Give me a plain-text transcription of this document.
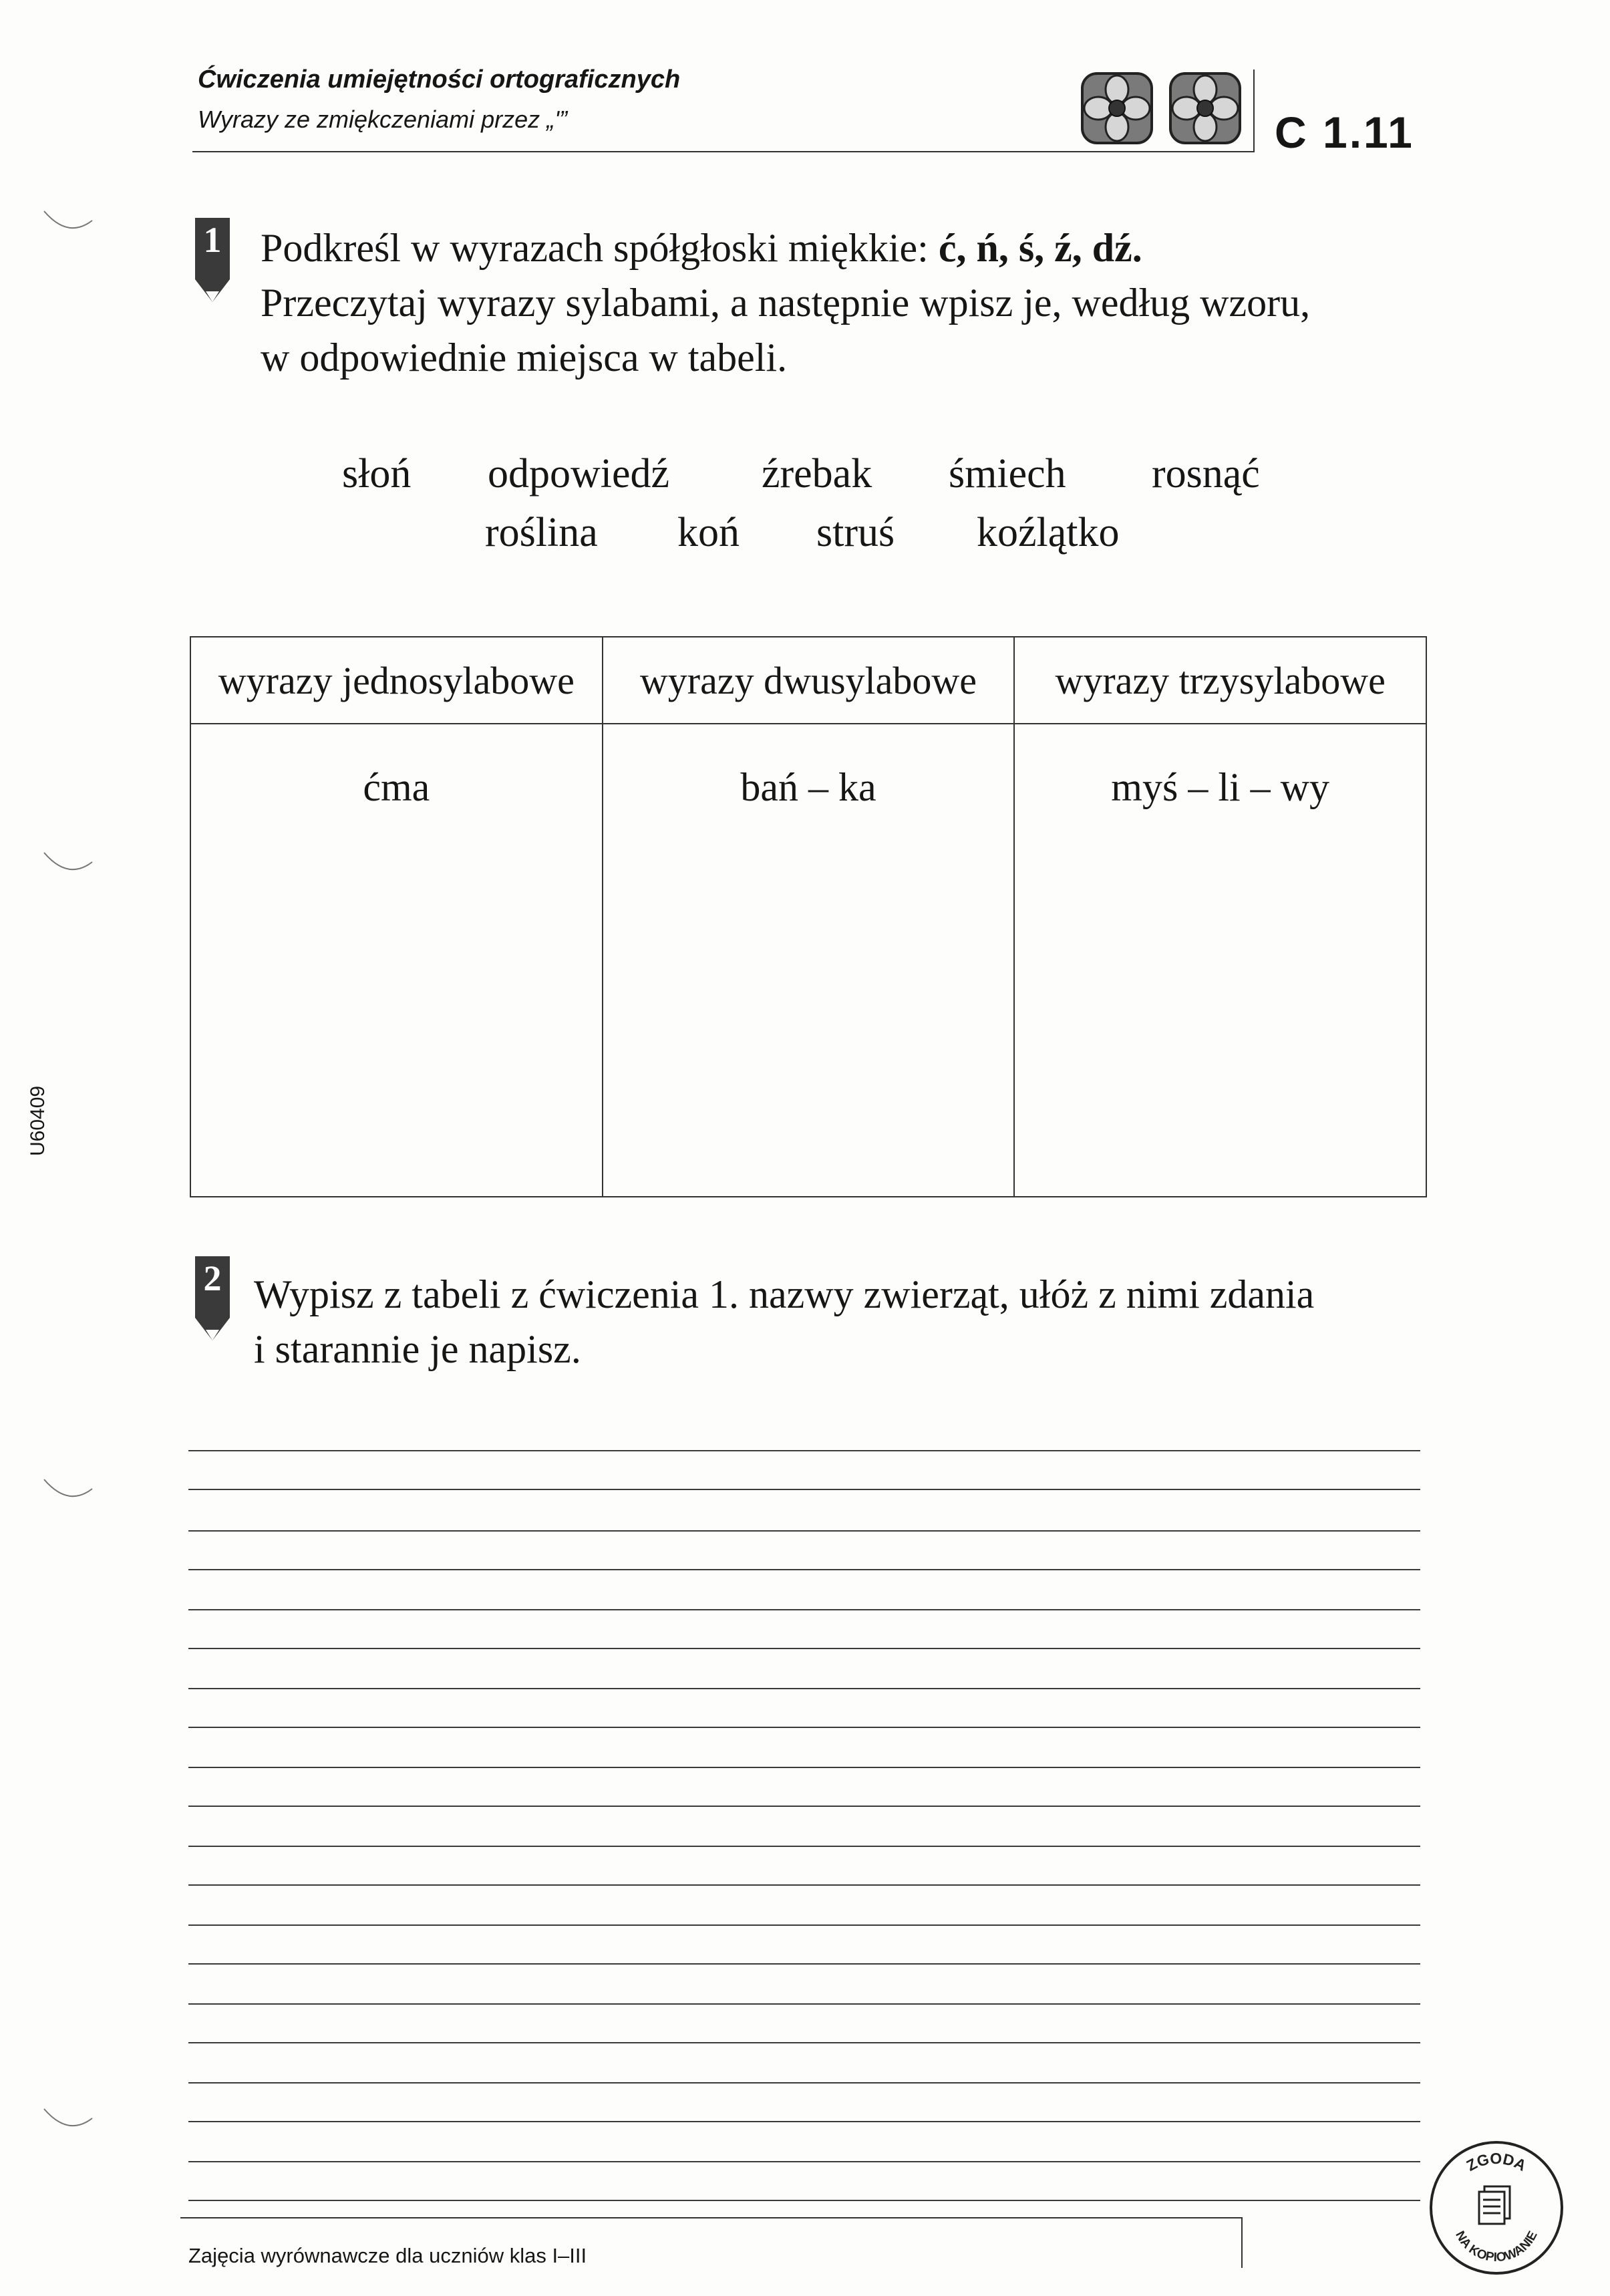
Ćwiczenia umiejętności ortograficznych
Wyrazy ze zmiękczeniami przez „ʹ”	C 1.11
1 Podkreśl w wyrazach spółgłoski miękkie: ć, ń, ś, ź, dź.
Przeczytaj wyrazy sylabami, a następnie wpisz je, według wzoru,
w odpowiednie miejsca w tabeli.
słoń odpowiedź źrebak śmiech rosnąć
roślina koń struś koźlątko
wyrazy jednosylabowe	wyrazy dwusylabowe	wyrazy trzysylabowe
ćma	bań – ka	myś – li – wy
U60409
2 Wypisz z tabeli z ćwiczenia 1. nazwy zwierząt, ułóż z nimi zdania
i starannie je napisz.
Zajęcia wyrównawcze dla uczniów klas I–III
ZGODA
NA KOPIOWANIE
